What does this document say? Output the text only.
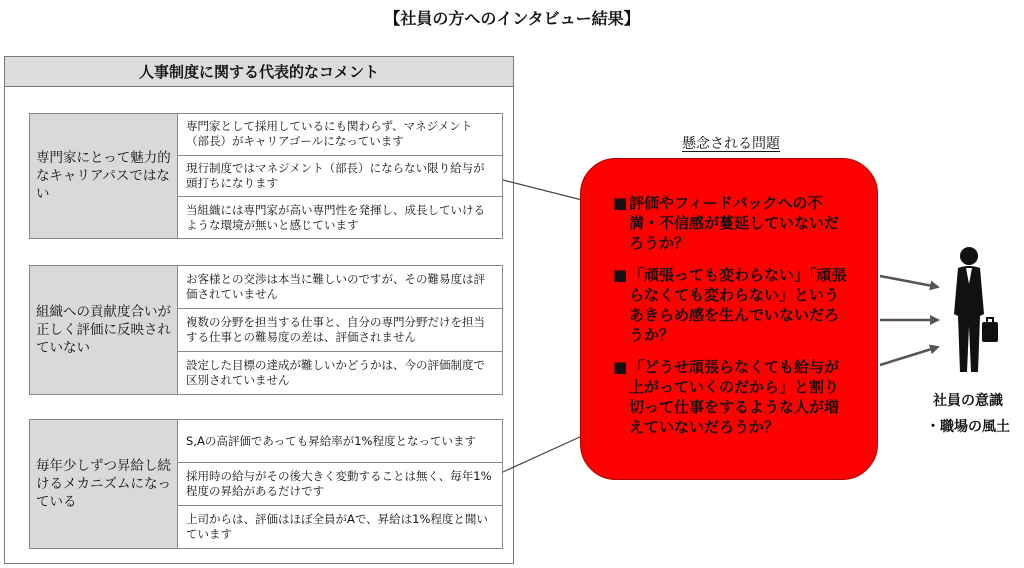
【社員の方へのインタビュー結果】
人事制度に関する代表的なコメント
専門家にとって魅力的なキャリアパスではない
専門家として採用しているにも関わらず、マネジメント（部長）がキャリアゴールになっています
現行制度ではマネジメント（部長）にならない限り給与が頭打ちになります
当組織には専門家が高い専門性を発揮し、成長していけるような環境が無いと感じています
組織への貢献度合いが正しく評価に反映されていない
お客様との交渉は本当に難しいのですが、その難易度は評価されていません
複数の分野を担当する仕事と、自分の専門分野だけを担当する仕事との難易度の差は、評価されません
設定した目標の達成が難しいかどうかは、今の評価制度で区別されていません
毎年少しずつ昇給し続けるメカニズムになっている
S,Aの高評価であっても昇給率が1%程度となっています
採用時の給与がその後大きく変動することは無く、毎年1%程度の昇給があるだけです
上司からは、評価はほぼ全員がAで、昇給は1%程度と聞いています
懸念される問題
■ 評価やフィードバックへの不満・不信感が蔓延していないだろうか？
■ 「頑張っても変わらない」「頑張らなくても変わらない」というあきらめ感を生んでいないだろうか？
■ 「どうせ頑張らなくても給与が上がっていくのだから」と割り切って仕事をするような人が増えていないだろうか？
社員の意識
・職場の風土
